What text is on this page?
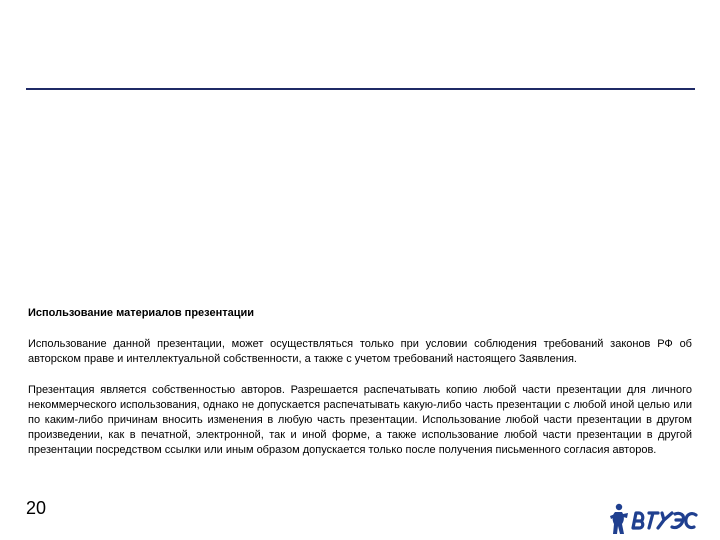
Использование материалов презентации

Использование данной презентации, может осуществляться только при условии соблюдения требований законов РФ об авторском праве и интеллектуальной собственности, а также с учетом требований настоящего Заявления.

Презентация является собственностью авторов. Разрешается распечатывать копию любой части презентации для личного некоммерческого использования, однако не допускается распечатывать какую-либо часть презентации с любой иной целью или по каким-либо причинам вносить изменения в любую часть презентации. Использование любой части презентации в другом произведении, как в печатной, электронной, так и иной форме, а также использование любой части презентации в другой презентации посредством ссылки или иным образом допускается только после получения письменного согласия авторов.

20
